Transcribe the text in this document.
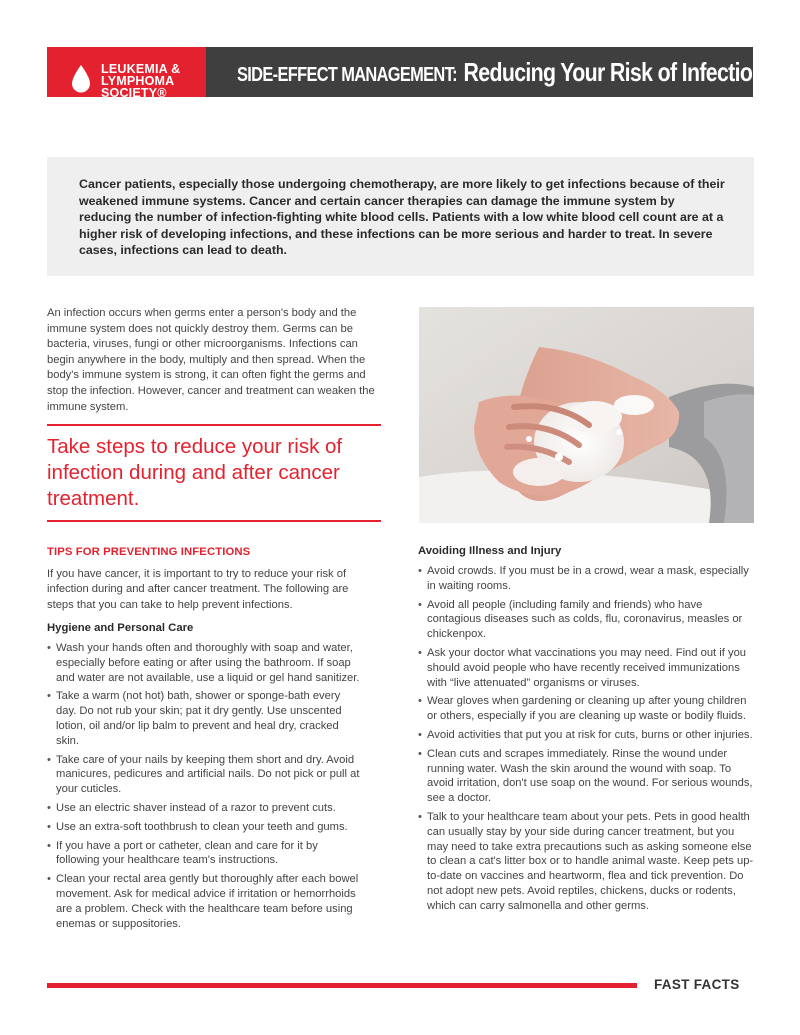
LEUKEMIA &
LYMPHOMA
SOCIETY®
SIDE-EFFECT MANAGEMENT: Reducing Your Risk of Infection

Cancer patients, especially those undergoing chemotherapy, are more likely to get infections because of their weakened immune systems. Cancer and certain cancer therapies can damage the immune system by reducing the number of infection-fighting white blood cells. Patients with a low white blood cell count are at a higher risk of developing infections, and these infections can be more serious and harder to treat. In severe cases, infections can lead to death.

An infection occurs when germs enter a person's body and the immune system does not quickly destroy them. Germs can be bacteria, viruses, fungi or other microorganisms. Infections can begin anywhere in the body, multiply and then spread. When the body's immune system is strong, it can often fight the germs and stop the infection. However, cancer and treatment can weaken the immune system.

Take steps to reduce your risk of infection during and after cancer treatment.

TIPS FOR PREVENTING INFECTIONS

If you have cancer, it is important to try to reduce your risk of infection during and after cancer treatment. The following are steps that you can take to help prevent infections.

Hygiene and Personal Care
• Wash your hands often and thoroughly with soap and water, especially before eating or after using the bathroom. If soap and water are not available, use a liquid or gel hand sanitizer.
• Take a warm (not hot) bath, shower or sponge-bath every day. Do not rub your skin; pat it dry gently. Use unscented lotion, oil and/or lip balm to prevent and heal dry, cracked skin.
• Take care of your nails by keeping them short and dry. Avoid manicures, pedicures and artificial nails. Do not pick or pull at your cuticles.
• Use an electric shaver instead of a razor to prevent cuts.
• Use an extra-soft toothbrush to clean your teeth and gums.
• If you have a port or catheter, clean and care for it by following your healthcare team's instructions.
• Clean your rectal area gently but thoroughly after each bowel movement. Ask for medical advice if irritation or hemorrhoids are a problem. Check with the healthcare team before using enemas or suppositories.
Avoiding Illness and Injury
• Avoid crowds. If you must be in a crowd, wear a mask, especially in waiting rooms.
• Avoid all people (including family and friends) who have contagious diseases such as colds, flu, coronavirus, measles or chickenpox.
• Ask your doctor what vaccinations you may need. Find out if you should avoid people who have recently received immunizations with “live attenuated” organisms or viruses.
• Wear gloves when gardening or cleaning up after young children or others, especially if you are cleaning up waste or bodily fluids.
• Avoid activities that put you at risk for cuts, burns or other injuries.
• Clean cuts and scrapes immediately. Rinse the wound under running water. Wash the skin around the wound with soap. To avoid irritation, don't use soap on the wound. For serious wounds, see a doctor.
• Talk to your healthcare team about your pets. Pets in good health can usually stay by your side during cancer treatment, but you may need to take extra precautions such as asking someone else to clean a cat's litter box or to handle animal waste. Keep pets up-to-date on vaccines and heartworm, flea and tick prevention. Do not adopt new pets. Avoid reptiles, chickens, ducks or rodents, which can carry salmonella and other germs.
FAST FACTS
